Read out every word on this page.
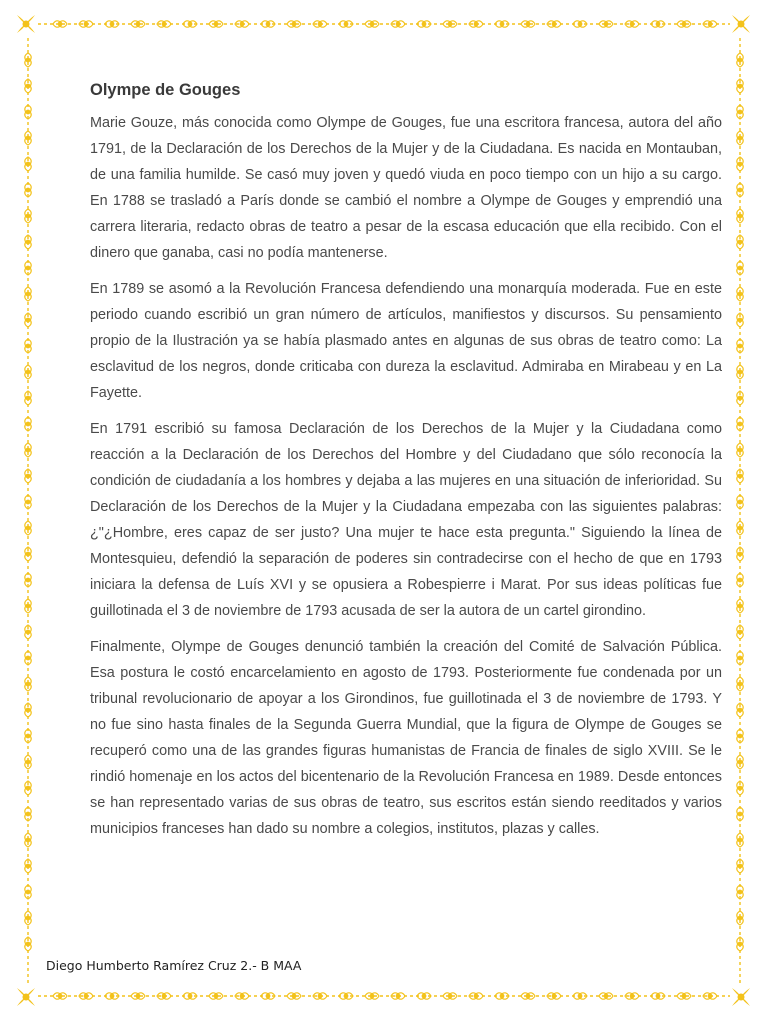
Olympe de Gouges

Marie Gouze, más conocida como Olympe de Gouges, fue una escritora francesa, autora del año 1791, de la Declaración de los Derechos de la Mujer y de la Ciudadana. Es nacida en Montauban, de una familia humilde. Se casó muy joven y quedó viuda en poco tiempo con un hijo a su cargo. En 1788 se trasladó a París donde se cambió el nombre a Olympe de Gouges y emprendió una carrera literaria, redacto obras de teatro a pesar de la escasa educación que ella recibido. Con el dinero que ganaba, casi no podía mantenerse.

En 1789 se asomó a la Revolución Francesa defendiendo una monarquía moderada. Fue en este periodo cuando escribió un gran número de artículos, manifiestos y discursos. Su pensamiento propio de la Ilustración ya se había plasmado antes en algunas de sus obras de teatro como: La esclavitud de los negros, donde criticaba con dureza la esclavitud. Admiraba en Mirabeau y en La Fayette.

En 1791 escribió su famosa Declaración de los Derechos de la Mujer y la Ciudadana como reacción a la Declaración de los Derechos del Hombre y del Ciudadano que sólo reconocía la condición de ciudadanía a los hombres y dejaba a las mujeres en una situación de inferioridad. Su Declaración de los Derechos de la Mujer y la Ciudadana empezaba con las siguientes palabras: ¿"¿Hombre, eres capaz de ser justo? Una mujer te hace esta pregunta." Siguiendo la línea de Montesquieu, defendió la separación de poderes sin contradecirse con el hecho de que en 1793 iniciara la defensa de Luís XVI y se opusiera a Robespierre i Marat. Por sus ideas políticas fue guillotinada el 3 de noviembre de 1793 acusada de ser la autora de un cartel girondino.

Finalmente, Olympe de Gouges denunció también la creación del Comité de Salvación Pública. Esa postura le costó encarcelamiento en agosto de 1793. Posteriormente fue condenada por un tribunal revolucionario de apoyar a los Girondinos, fue guillotinada el 3 de noviembre de 1793. Y no fue sino hasta finales de la Segunda Guerra Mundial, que la figura de Olympe de Gouges se recuperó como una de las grandes figuras humanistas de Francia de finales de siglo XVIII. Se le rindió homenaje en los actos del bicentenario de la Revolución Francesa en 1989. Desde entonces se han representado varias de sus obras de teatro, sus escritos están siendo reeditados y varios municipios franceses han dado su nombre a colegios, institutos, plazas y calles.

Diego Humberto Ramírez Cruz 2.- B MAA
